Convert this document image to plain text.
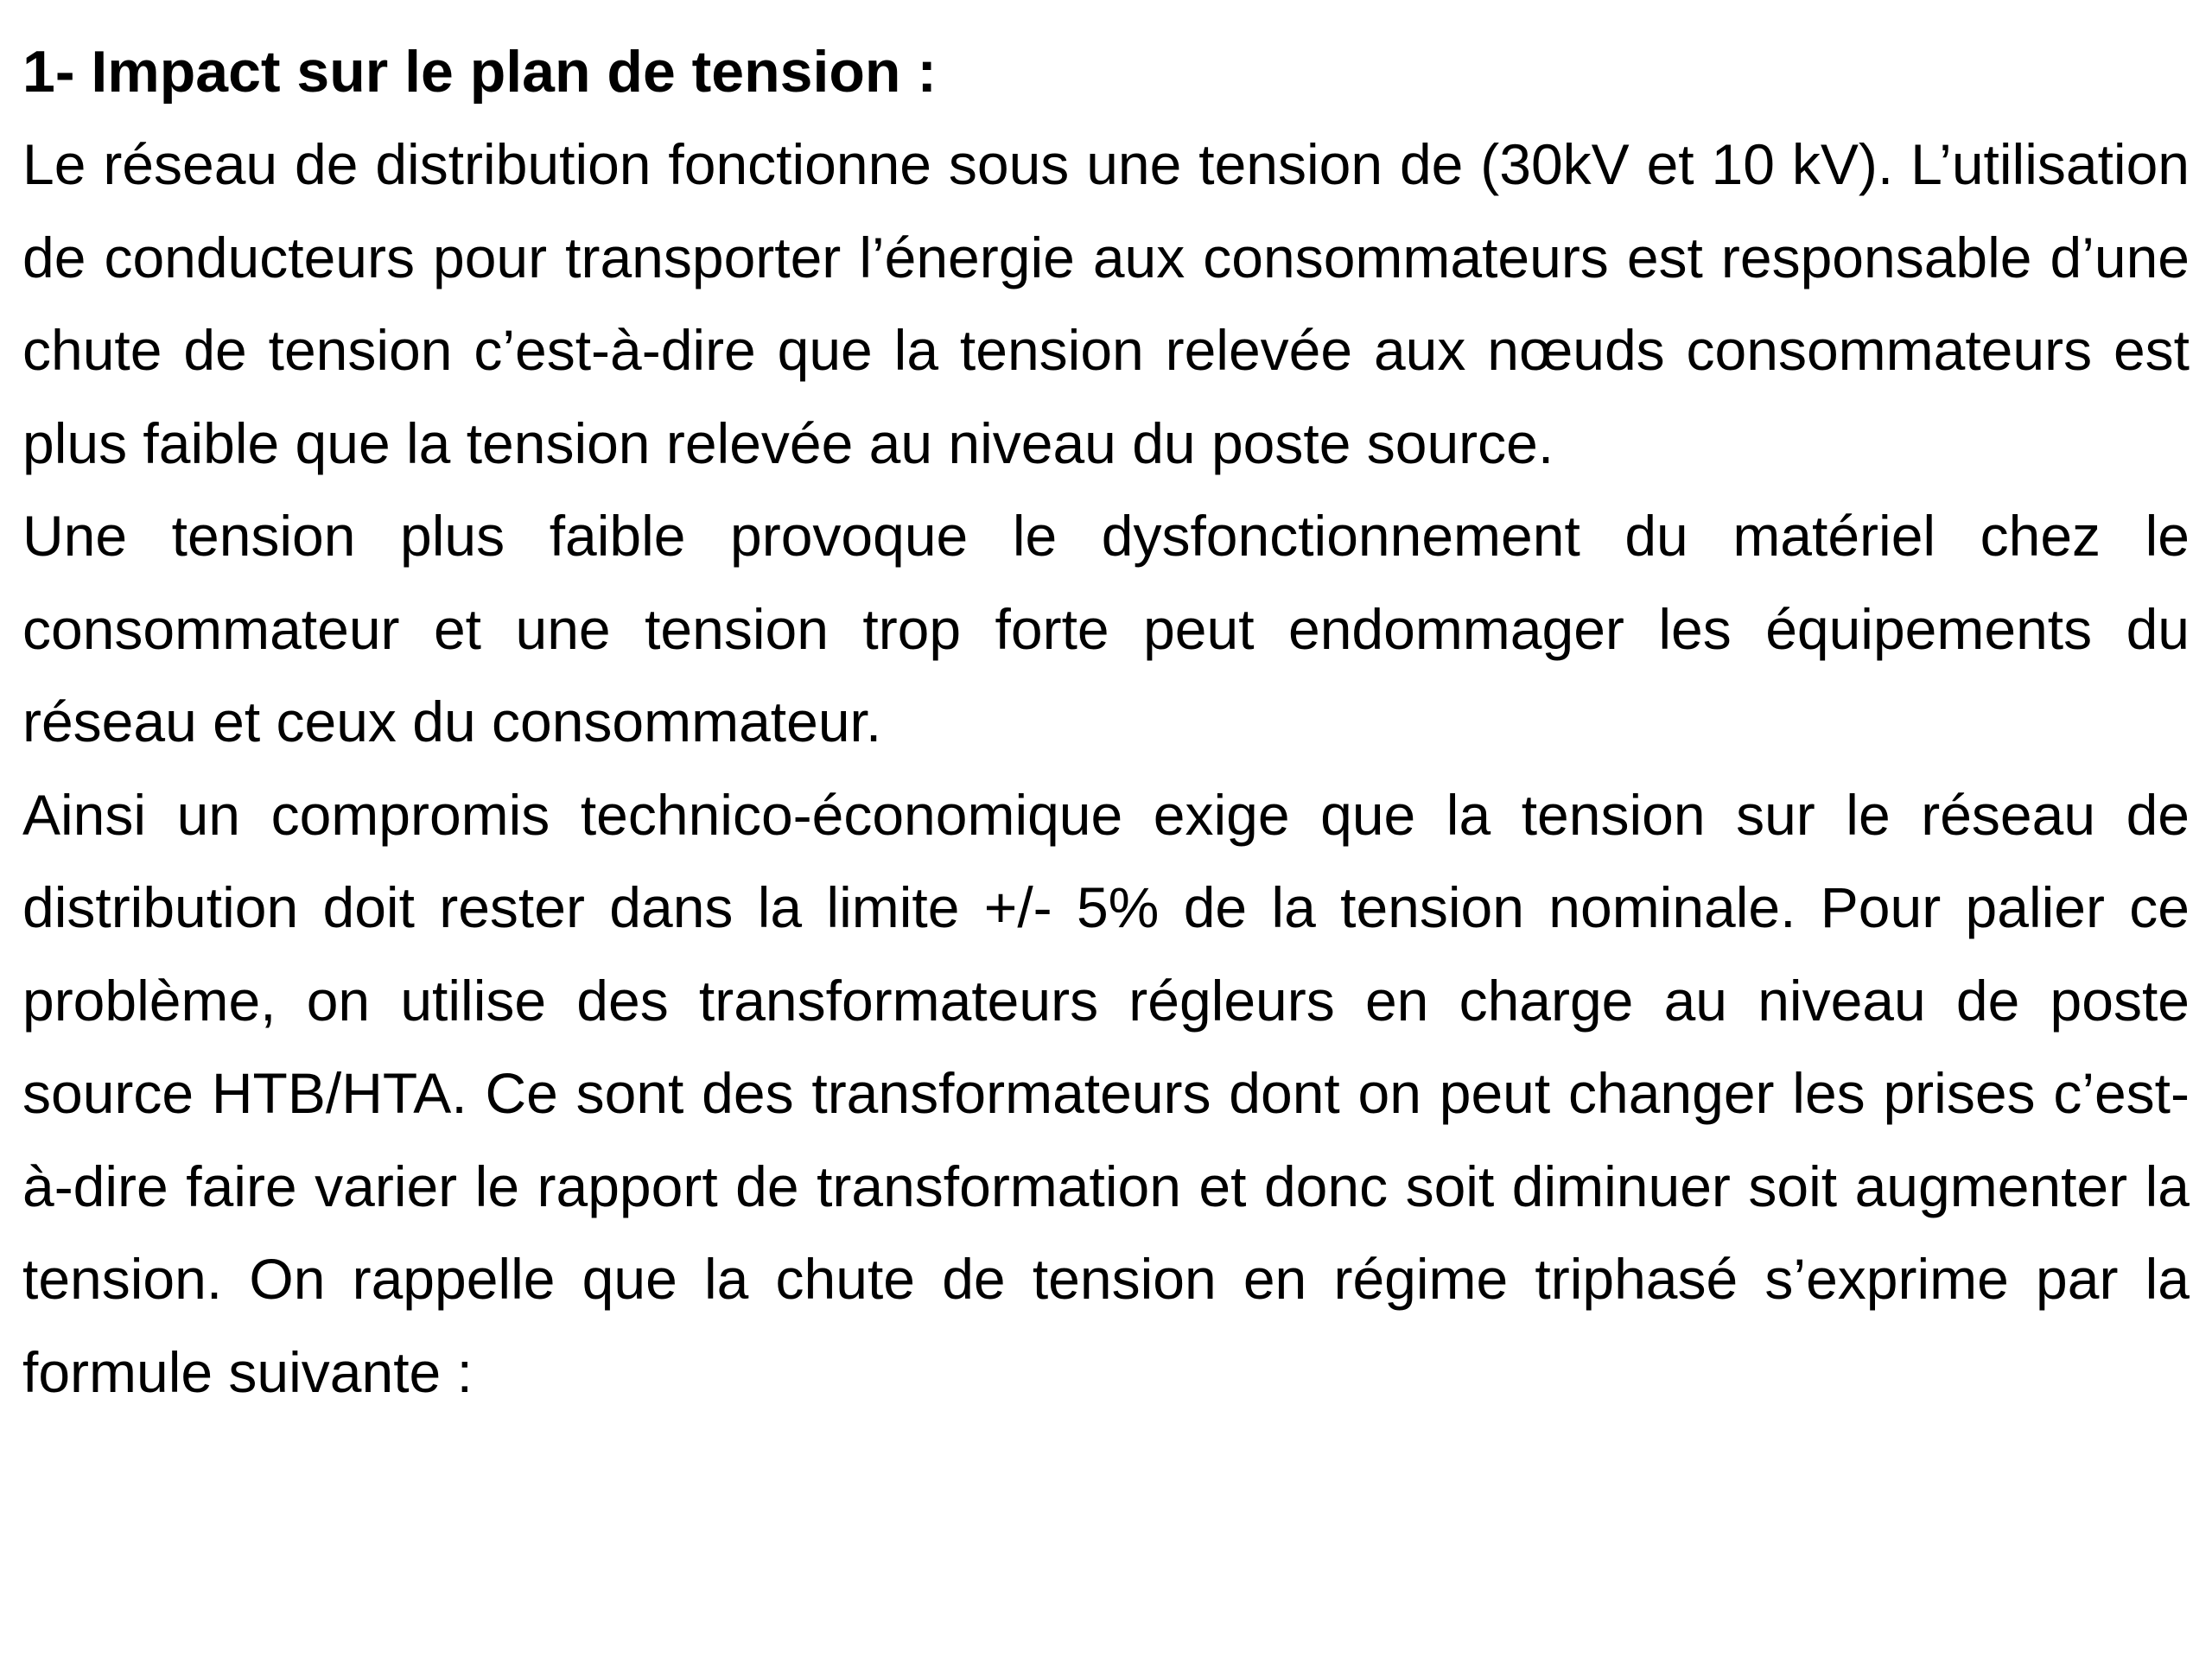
1- Impact sur le plan de tension :

Le réseau de distribution fonctionne sous une tension de (30kV et 10 kV). L’utilisation de conducteurs pour transporter l’énergie aux consommateurs est responsable d’une chute de tension c’est-à-dire que la tension relevée aux nœuds consommateurs est plus faible que la tension relevée au niveau du poste source.

Une tension plus faible provoque le dysfonctionnement du matériel chez le consommateur et une tension trop forte peut endommager les équipements du réseau et ceux du consommateur.

Ainsi un compromis technico-économique exige que la tension sur le réseau de distribution doit rester dans la limite +/- 5% de la tension nominale. Pour palier ce problème, on utilise des transformateurs régleurs en charge au niveau de poste source HTB/HTA. Ce sont des transformateurs dont on peut changer les prises c’est-à-dire faire varier le rapport de transformation et donc soit diminuer soit augmenter la tension. On rappelle que la chute de tension en régime triphasé s’exprime par la formule suivante :
